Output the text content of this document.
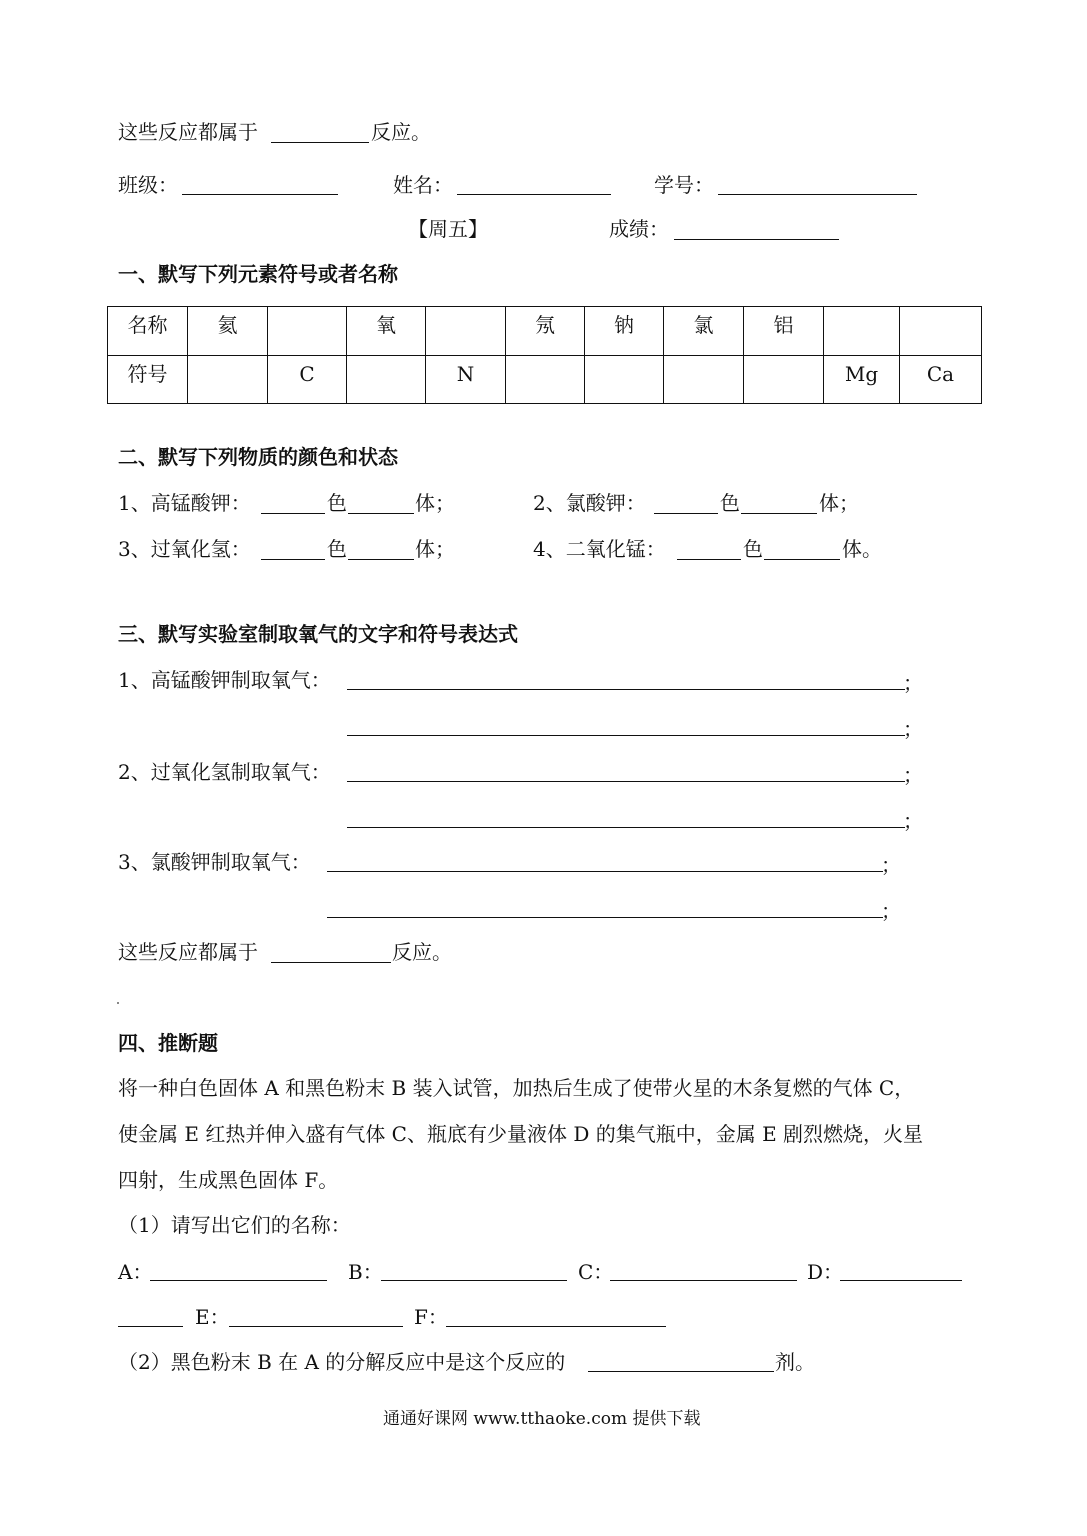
这些反应都属于	反应。
班级：	姓名：	学号：
【周五】	成绩：
一、默写下列元素符号或者名称
名称	氦		氧		氖	钠	氯	铝		
符号		C		N					Mg	Ca
二、默写下列物质的颜色和状态
1、高锰酸钾：	色	体；	2、氯酸钾：	色	体；
3、过氧化氢：	色	体；	4、二氧化锰：	色	体。
三、默写实验室制取氧气的文字和符号表达式
1、高锰酸钾制取氧气：	；
；
2、过氧化氢制取氧气：	；
；
3、氯酸钾制取氧气：	；
；
这些反应都属于	反应。
四、推断题
将一种白色固体 A 和黑色粉末 B 装入试管，加热后生成了使带火星的木条复燃的气体 C，
使金属 E 红热并伸入盛有气体 C、瓶底有少量液体 D 的集气瓶中，金属 E 剧烈燃烧，火星
四射，生成黑色固体 F。
（1）请写出它们的名称：
A：	B：	C：	D：
E：	F：
（2）黑色粉末 B 在 A 的分解反应中是这个反应的	剂。
通通好课网 www.tthaoke.com 提供下载
